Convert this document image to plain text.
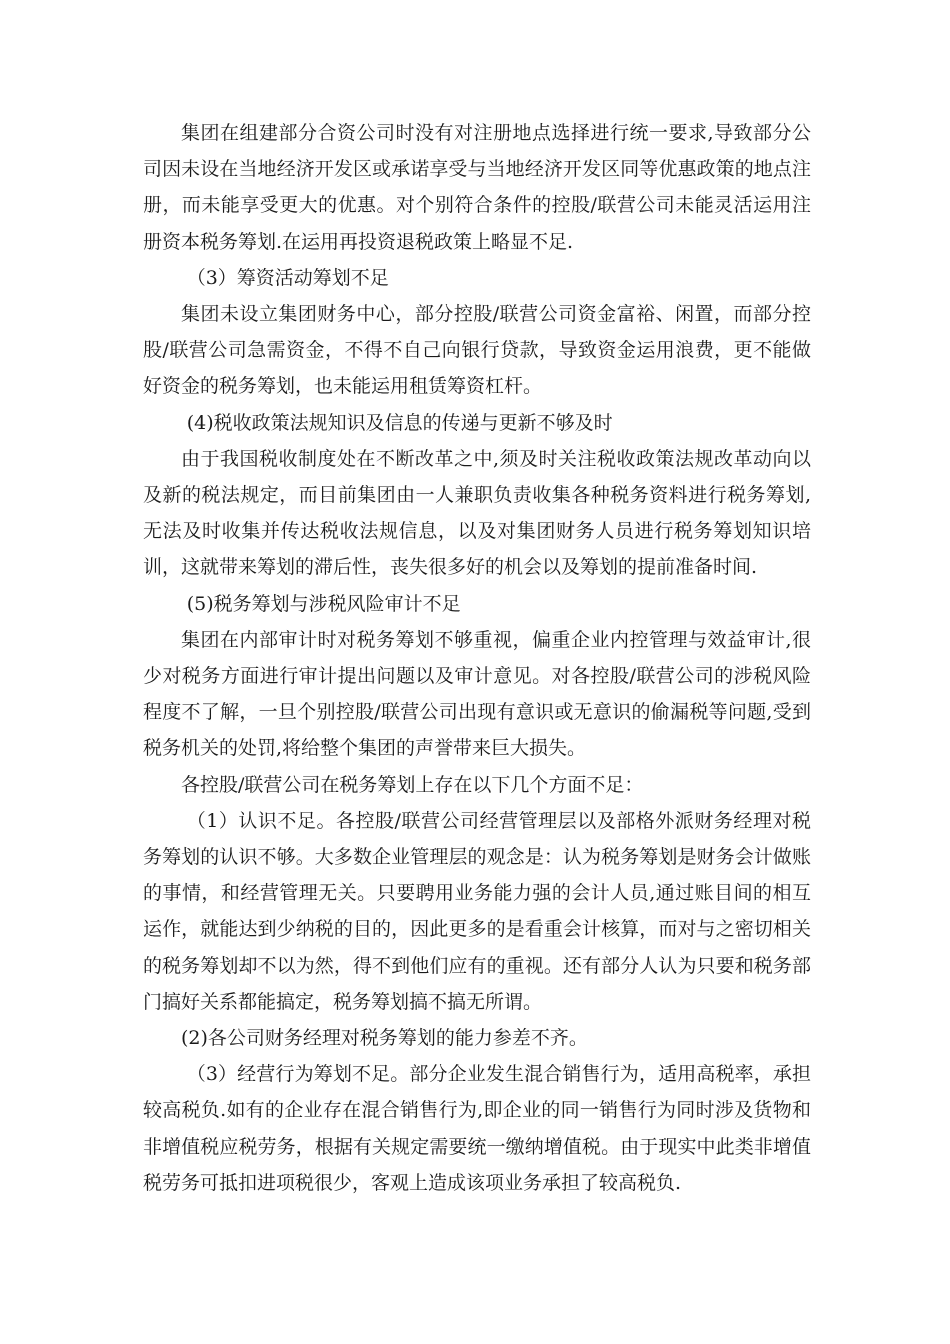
集团在组建部分合资公司时没有对注册地点选择进行统一要求,导致部分公司因未设在当地经济开发区或承诺享受与当地经济开发区同等优惠政策的地点注册，而未能享受更大的优惠。对个别符合条件的控股/联营公司未能灵活运用注册资本税务筹划.在运用再投资退税政策上略显不足.

（3）筹资活动筹划不足

集团未设立集团财务中心，部分控股/联营公司资金富裕、闲置，而部分控股/联营公司急需资金，不得不自己向银行贷款，导致资金运用浪费，更不能做好资金的税务筹划，也未能运用租赁筹资杠杆。

(4)税收政策法规知识及信息的传递与更新不够及时

由于我国税收制度处在不断改革之中,须及时关注税收政策法规改革动向以及新的税法规定，而目前集团由一人兼职负责收集各种税务资料进行税务筹划,无法及时收集并传达税收法规信息，以及对集团财务人员进行税务筹划知识培训，这就带来筹划的滞后性，丧失很多好的机会以及筹划的提前准备时间.

(5)税务筹划与涉税风险审计不足

集团在内部审计时对税务筹划不够重视，偏重企业内控管理与效益审计,很少对税务方面进行审计提出问题以及审计意见。对各控股/联营公司的涉税风险程度不了解，一旦个别控股/联营公司出现有意识或无意识的偷漏税等问题,受到税务机关的处罚,将给整个集团的声誉带来巨大损失。

各控股/联营公司在税务筹划上存在以下几个方面不足：

（1）认识不足。各控股/联营公司经营管理层以及部格外派财务经理对税务筹划的认识不够。大多数企业管理层的观念是：认为税务筹划是财务会计做账的事情，和经营管理无关。只要聘用业务能力强的会计人员,通过账目间的相互运作，就能达到少纳税的目的，因此更多的是看重会计核算，而对与之密切相关的税务筹划却不以为然，得不到他们应有的重视。还有部分人认为只要和税务部门搞好关系都能搞定，税务筹划搞不搞无所谓。

(2)各公司财务经理对税务筹划的能力参差不齐。

（3）经营行为筹划不足。部分企业发生混合销售行为，适用高税率，承担较高税负.如有的企业存在混合销售行为,即企业的同一销售行为同时涉及货物和非增值税应税劳务，根据有关规定需要统一缴纳增值税。由于现实中此类非增值税劳务可抵扣进项税很少，客观上造成该项业务承担了较高税负.
